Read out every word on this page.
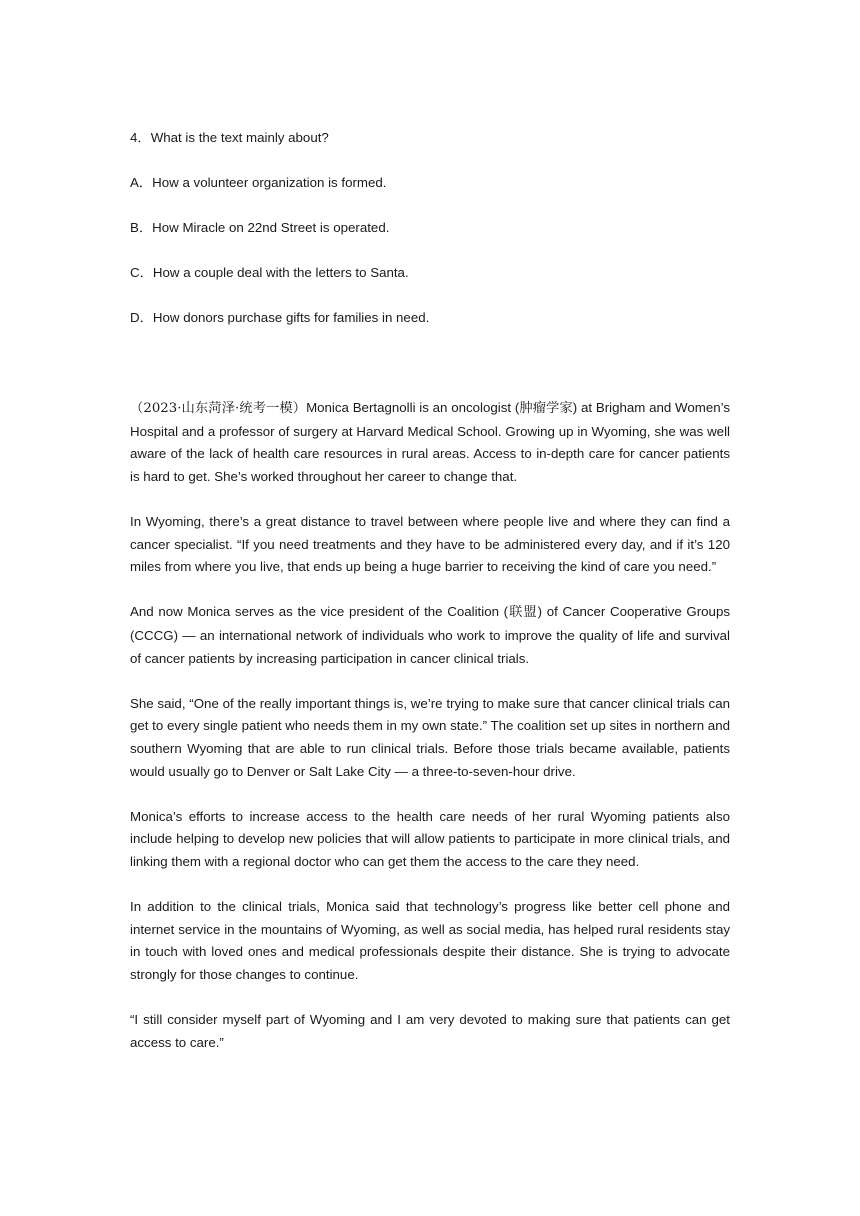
4．What is the text mainly about?

A．How a volunteer organization is formed.

B．How Miracle on 22nd Street is operated.

C．How a couple deal with the letters to Santa.

D．How donors purchase gifts for families in need.

（2023·山东菏泽·统考一模）Monica Bertagnolli is an oncologist (肿瘤学家) at Brigham and Women’s Hospital and a professor of surgery at Harvard Medical School. Growing up in Wyoming, she was well aware of the lack of health care resources in rural areas. Access to in-depth care for cancer patients is hard to get. She’s worked throughout her career to change that.

In Wyoming, there’s a great distance to travel between where people live and where they can find a cancer specialist. “If you need treatments and they have to be administered every day, and if it’s 120 miles from where you live, that ends up being a huge barrier to receiving the kind of care you need.”

And now Monica serves as the vice president of the Coalition (联盟) of Cancer Cooperative Groups (CCCG) — an international network of individuals who work to improve the quality of life and survival of cancer patients by increasing participation in cancer clinical trials.

She said, “One of the really important things is, we’re trying to make sure that cancer clinical trials can get to every single patient who needs them in my own state.” The coalition set up sites in northern and southern Wyoming that are able to run clinical trials. Before those trials became available, patients would usually go to Denver or Salt Lake City — a three-to-seven-hour drive.

Monica’s efforts to increase access to the health care needs of her rural Wyoming patients also include helping to develop new policies that will allow patients to participate in more clinical trials, and linking them with a regional doctor who can get them the access to the care they need.

In addition to the clinical trials, Monica said that technology’s progress like better cell phone and internet service in the mountains of Wyoming, as well as social media, has helped rural residents stay in touch with loved ones and medical professionals despite their distance. She is trying to advocate strongly for those changes to continue.

“I still consider myself part of Wyoming and I am very devoted to making sure that patients can get access to care.”
